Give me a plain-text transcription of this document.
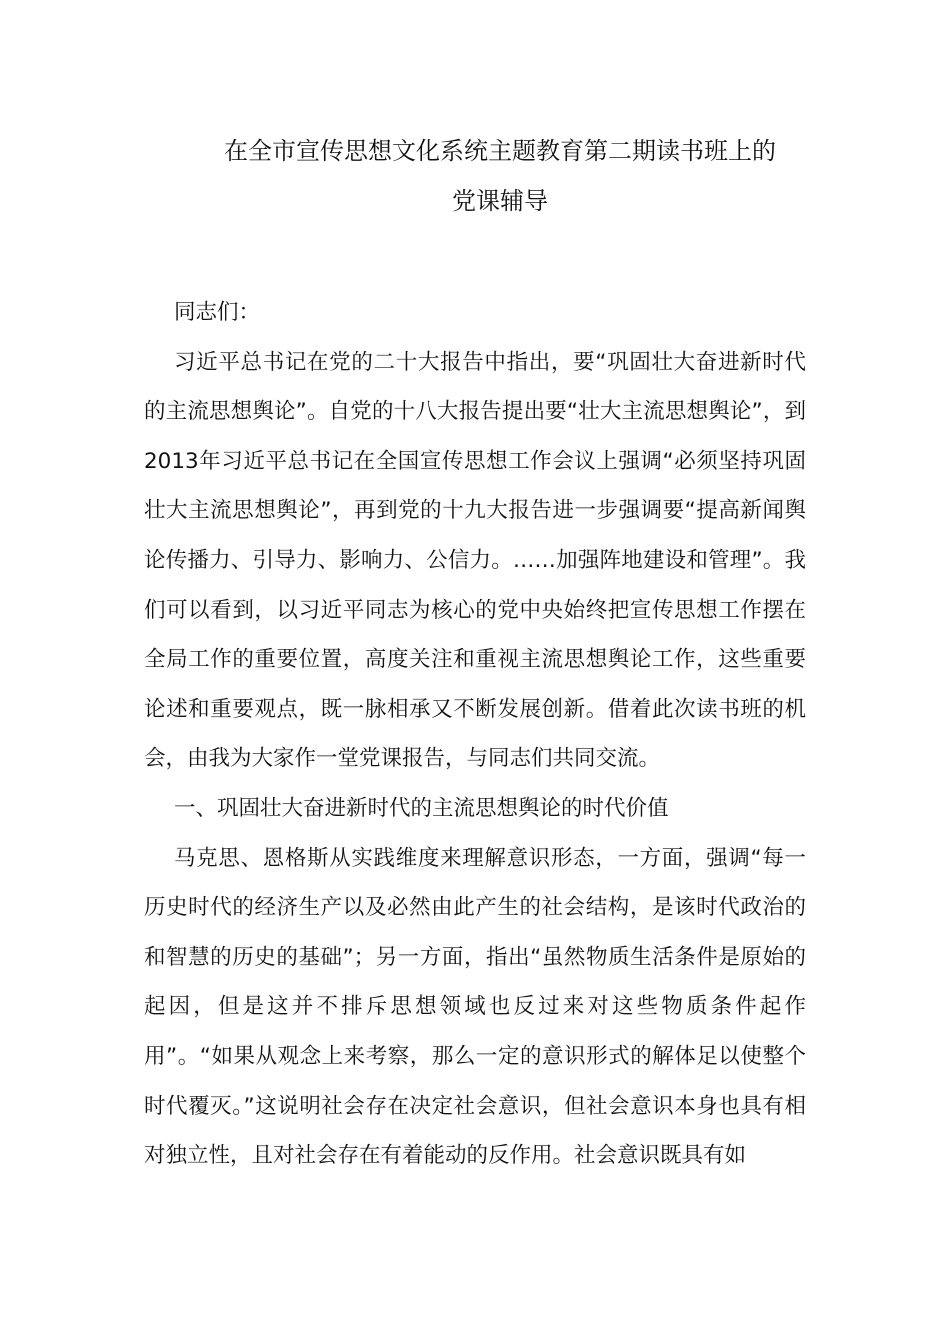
在全市宣传思想文化系统主题教育第二期读书班上的
党课辅导

同志们：

习近平总书记在党的二十大报告中指出，要“巩固壮大奋进新时代的主流思想舆论”。自党的十八大报告提出要“壮大主流思想舆论”，到2013年习近平总书记在全国宣传思想工作会议上强调“必须坚持巩固壮大主流思想舆论”，再到党的十九大报告进一步强调要“提高新闻舆论传播力、引导力、影响力、公信力。……加强阵地建设和管理”。我们可以看到，以习近平同志为核心的党中央始终把宣传思想工作摆在全局工作的重要位置，高度关注和重视主流思想舆论工作，这些重要论述和重要观点，既一脉相承又不断发展创新。借着此次读书班的机会，由我为大家作一堂党课报告，与同志们共同交流。

一、巩固壮大奋进新时代的主流思想舆论的时代价值

马克思、恩格斯从实践维度来理解意识形态，一方面，强调“每一历史时代的经济生产以及必然由此产生的社会结构，是该时代政治的和智慧的历史的基础”；另一方面，指出“虽然物质生活条件是原始的起因，但是这并不排斥思想领域也反过来对这些物质条件起作用”。“如果从观念上来考察，那么一定的意识形式的解体足以使整个时代覆灭。”这说明社会存在决定社会意识，但社会意识本身也具有相对独立性，且对社会存在有着能动的反作用。社会意识既具有如
